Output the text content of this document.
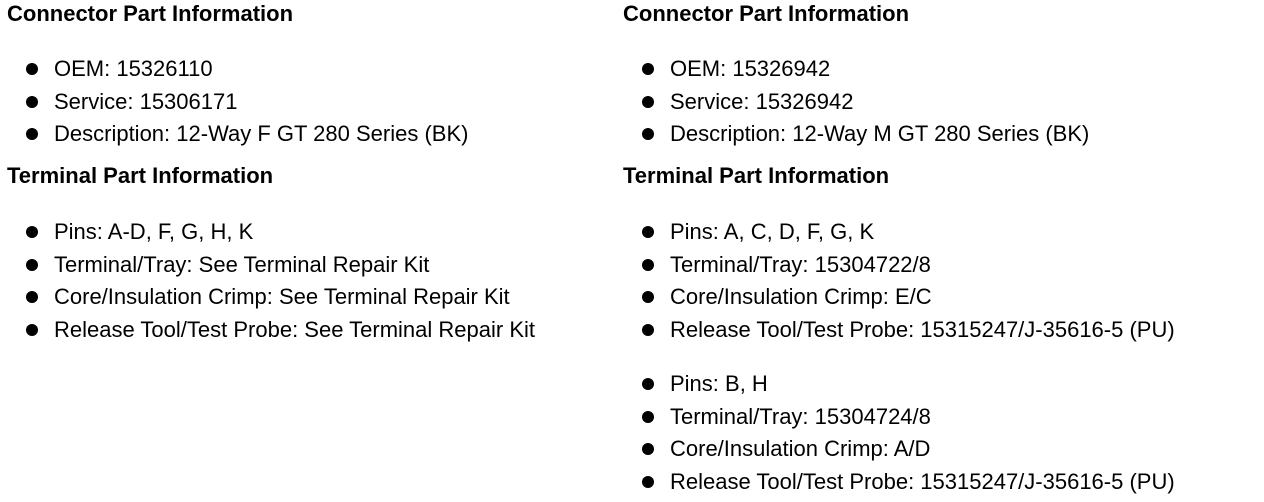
Connector Part Information
OEM: 15326110
Service: 15306171
Description: 12-Way F GT 280 Series (BK)
Terminal Part Information
Pins: A-D, F, G, H, K
Terminal/Tray: See Terminal Repair Kit
Core/Insulation Crimp: See Terminal Repair Kit
Release Tool/Test Probe: See Terminal Repair Kit
Connector Part Information
OEM: 15326942
Service: 15326942
Description: 12-Way M GT 280 Series (BK)
Terminal Part Information
Pins: A, C, D, F, G, K
Terminal/Tray: 15304722/8
Core/Insulation Crimp: E/C
Release Tool/Test Probe: 15315247/J-35616-5 (PU)
Pins: B, H
Terminal/Tray: 15304724/8
Core/Insulation Crimp: A/D
Release Tool/Test Probe: 15315247/J-35616-5 (PU)
